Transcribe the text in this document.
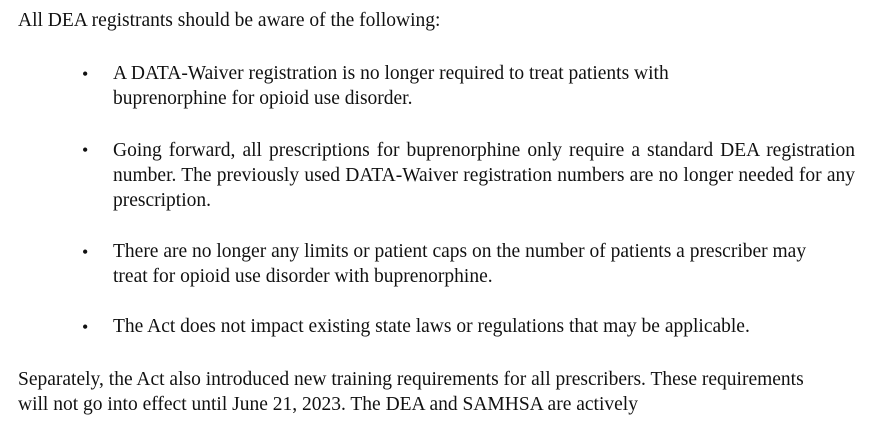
All DEA registrants should be aware of the following:
• A DATA-Waiver registration is no longer required to treat patients with buprenorphine for opioid use disorder.
• Going forward, all prescriptions for buprenorphine only require a standard DEA registration number. The previously used DATA-Waiver registration numbers are no longer needed for any prescription.
• There are no longer any limits or patient caps on the number of patients a prescriber may treat for opioid use disorder with buprenorphine.
• The Act does not impact existing state laws or regulations that may be applicable.
Separately, the Act also introduced new training requirements for all prescribers. These requirements will not go into effect until June 21, 2023. The DEA and SAMHSA are actively
